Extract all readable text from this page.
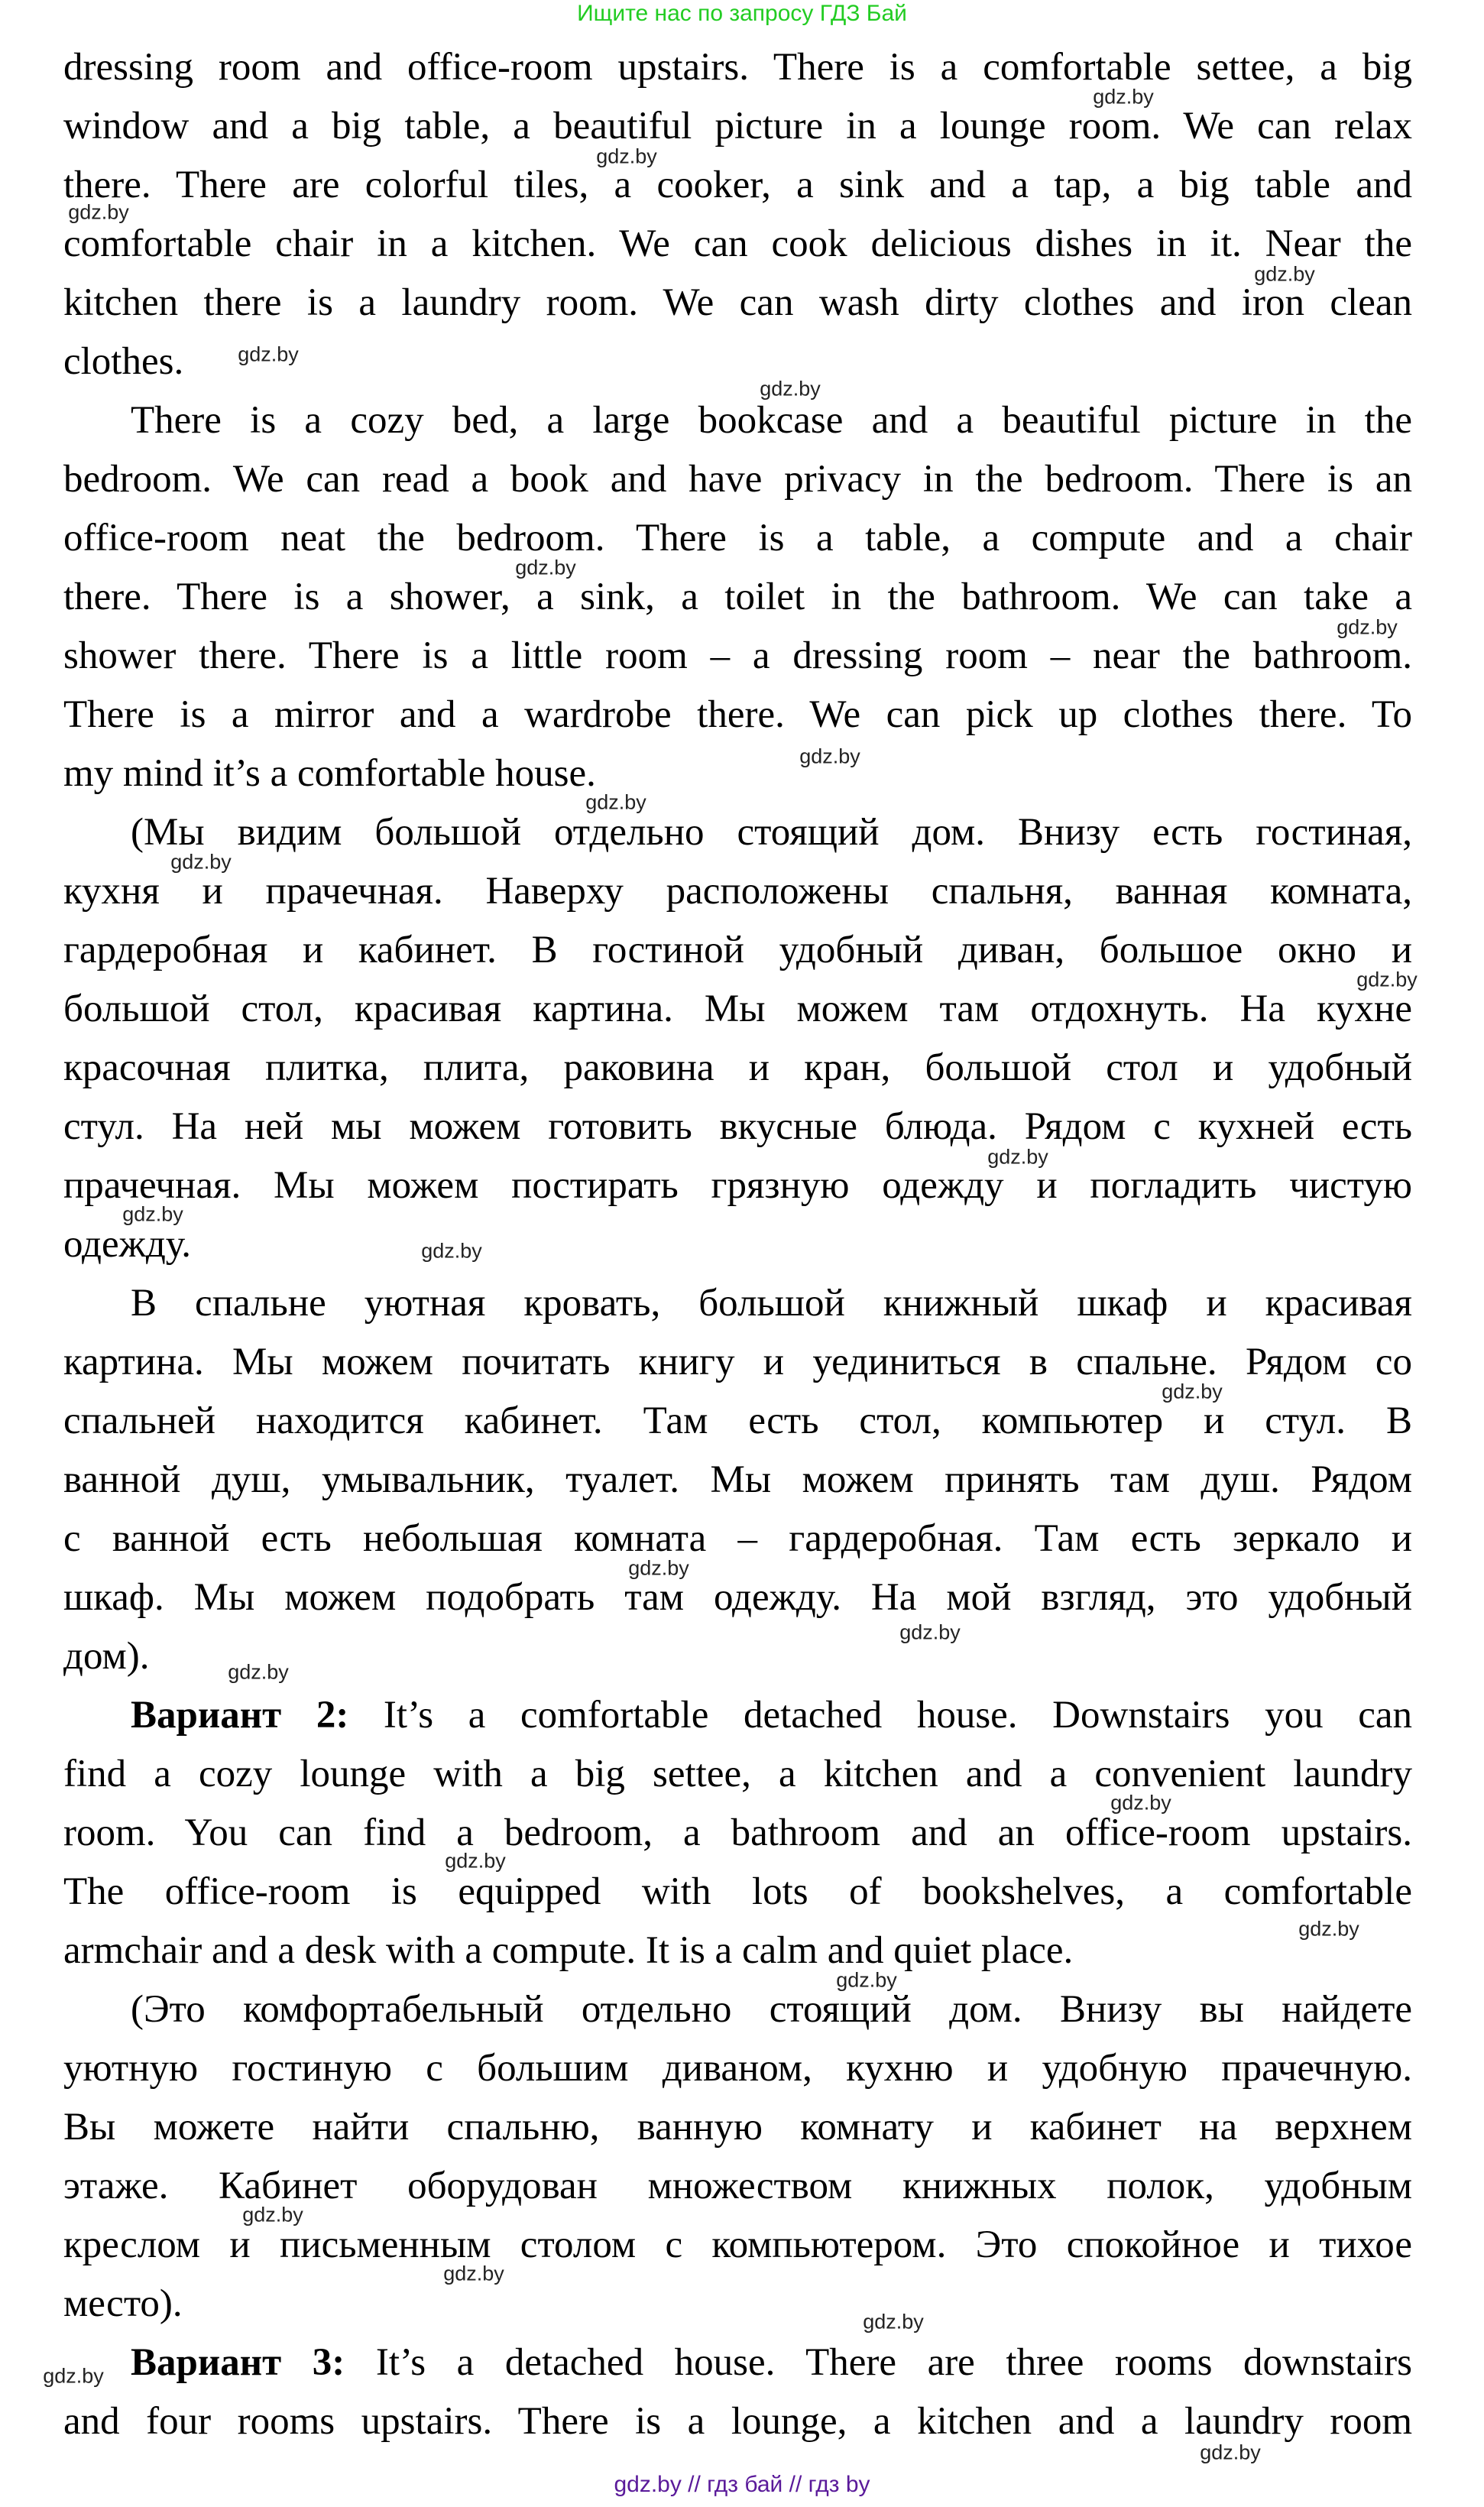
Ищите нас по запросу ГДЗ Бай
dressing room and office-room upstairs. There is a comfortable settee, a big
window and a big table, a beautiful picture in a lounge room. We can relax
there. There are colorful tiles, a cooker, a sink and a tap, a big table and
comfortable chair in a kitchen. We can cook delicious dishes in it. Near the
kitchen there is a laundry room. We can wash dirty clothes and iron clean
clothes.
There is a cozy bed, a large bookcase and a beautiful picture in the
bedroom. We can read a book and have privacy in the bedroom. There is an
office-room neat the bedroom. There is a table, a compute and a chair
there. There is a shower, a sink, a toilet in the bathroom. We can take a
shower there. There is a little room – a dressing room – near the bathroom.
There is a mirror and a wardrobe there. We can pick up clothes there. To
my mind it’s a comfortable house.
(Мы видим большой отдельно стоящий дом. Внизу есть гостиная,
кухня и прачечная. Наверху расположены спальня, ванная комната,
гардеробная и кабинет. В гостиной удобный диван, большое окно и
большой стол, красивая картина. Мы можем там отдохнуть. На кухне
красочная плитка, плита, раковина и кран, большой стол и удобный
стул. На ней мы можем готовить вкусные блюда. Рядом с кухней есть
прачечная. Мы можем постирать грязную одежду и погладить чистую
одежду.
В спальне уютная кровать, большой книжный шкаф и красивая
картина. Мы можем почитать книгу и уединиться в спальне. Рядом со
спальней находится кабинет. Там есть стол, компьютер и стул. В
ванной душ, умывальник, туалет. Мы можем принять там душ. Рядом
с ванной есть небольшая комната – гардеробная. Там есть зеркало и
шкаф. Мы можем подобрать там одежду. На мой взгляд, это удобный
дом).
Вариант 2: It’s a comfortable detached house. Downstairs you can
find a cozy lounge with a big settee, a kitchen and a convenient laundry
room. You can find a bedroom, a bathroom and an office-room upstairs.
The office-room is equipped with lots of bookshelves, a comfortable
armchair and a desk with a compute. It is a calm and quiet place.
(Это комфортабельный отдельно стоящий дом. Внизу вы найдете
уютную гостиную с большим диваном, кухню и удобную прачечную.
Вы можете найти спальню, ванную комнату и кабинет на верхнем
этаже. Кабинет оборудован множеством книжных полок, удобным
креслом и письменным столом с компьютером. Это спокойное и тихое
место).
Вариант 3: It’s a detached house. There are three rooms downstairs
and four rooms upstairs. There is a lounge, a kitchen and a laundry room
gdz.by
gdz.by
gdz.by
gdz.by
gdz.by
gdz.by
gdz.by
gdz.by
gdz.by
gdz.by
gdz.by
gdz.by
gdz.by
gdz.by
gdz.by
gdz.by
gdz.by
gdz.by
gdz.by
gdz.by
gdz.by
gdz.by
gdz.by
gdz.by
gdz.by
gdz.by
gdz.by
gdz.by
gdz.by // гдз бай // гдз by
